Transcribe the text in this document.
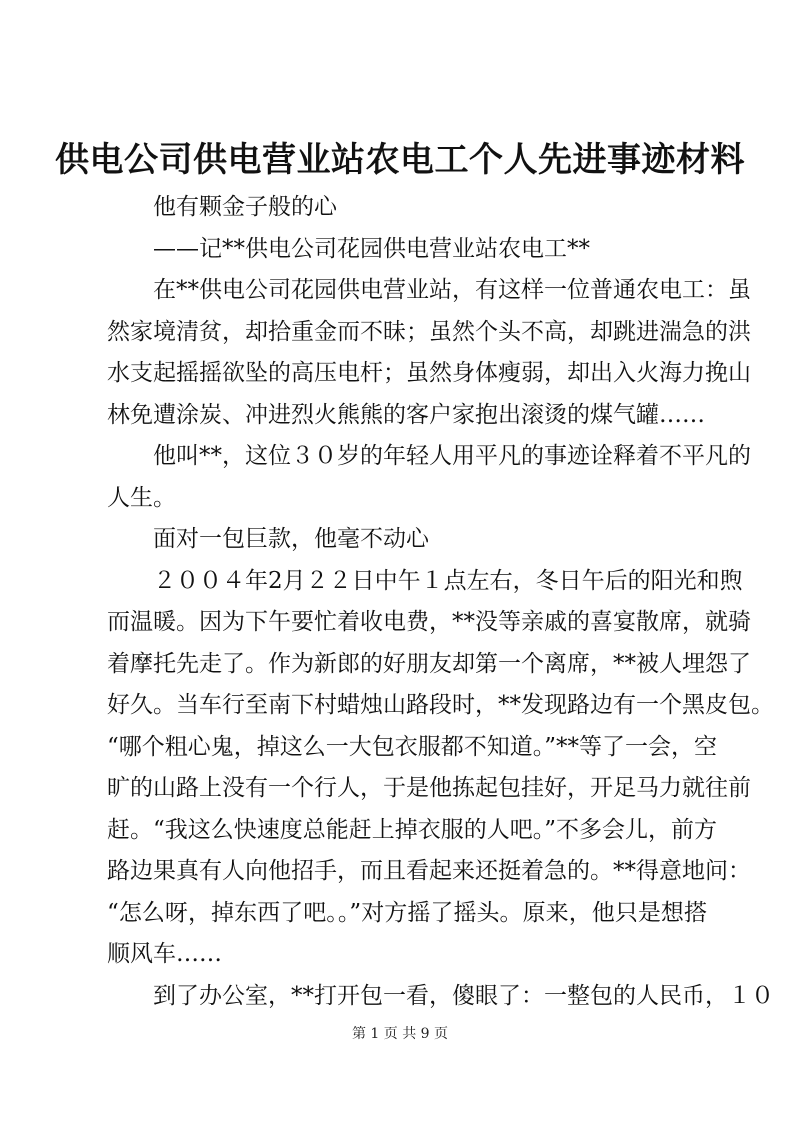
供电公司供电营业站农电工个人先进事迹材料
他有颗金子般的心
——记**供电公司花园供电营业站农电工**
在**供电公司花园供电营业站，有这样一位普通农电工：虽
然家境清贫，却拾重金而不昧；虽然个头不高，却跳进湍急的洪
水支起摇摇欲坠的高压电杆；虽然身体瘦弱，却出入火海力挽山
林免遭涂炭、冲进烈火熊熊的客户家抱出滚烫的煤气罐……
他叫**，这位３０岁的年轻人用平凡的事迹诠释着不平凡的
人生。
面对一包巨款，他毫不动心
２００４年2月２２日中午１点左右，冬日午后的阳光和煦
而温暖。因为下午要忙着收电费，**没等亲戚的喜宴散席，就骑
着摩托先走了。作为新郎的好朋友却第一个离席，**被人埋怨了
好久。当车行至南下村蜡烛山路段时，**发现路边有一个黑皮包。
“哪个粗心鬼，掉这么一大包衣服都不知道。”**等了一会，空
旷的山路上没有一个行人，于是他拣起包挂好，开足马力就往前
赶。“我这么快速度总能赶上掉衣服的人吧。”不多会儿，前方
路边果真有人向他招手，而且看起来还挺着急的。**得意地问：
“怎么呀，掉东西了吧。。”对方摇了摇头。原来，他只是想搭
顺风车……
到了办公室，**打开包一看，傻眼了：一整包的人民币，１０
第 1 页 共 9 页
